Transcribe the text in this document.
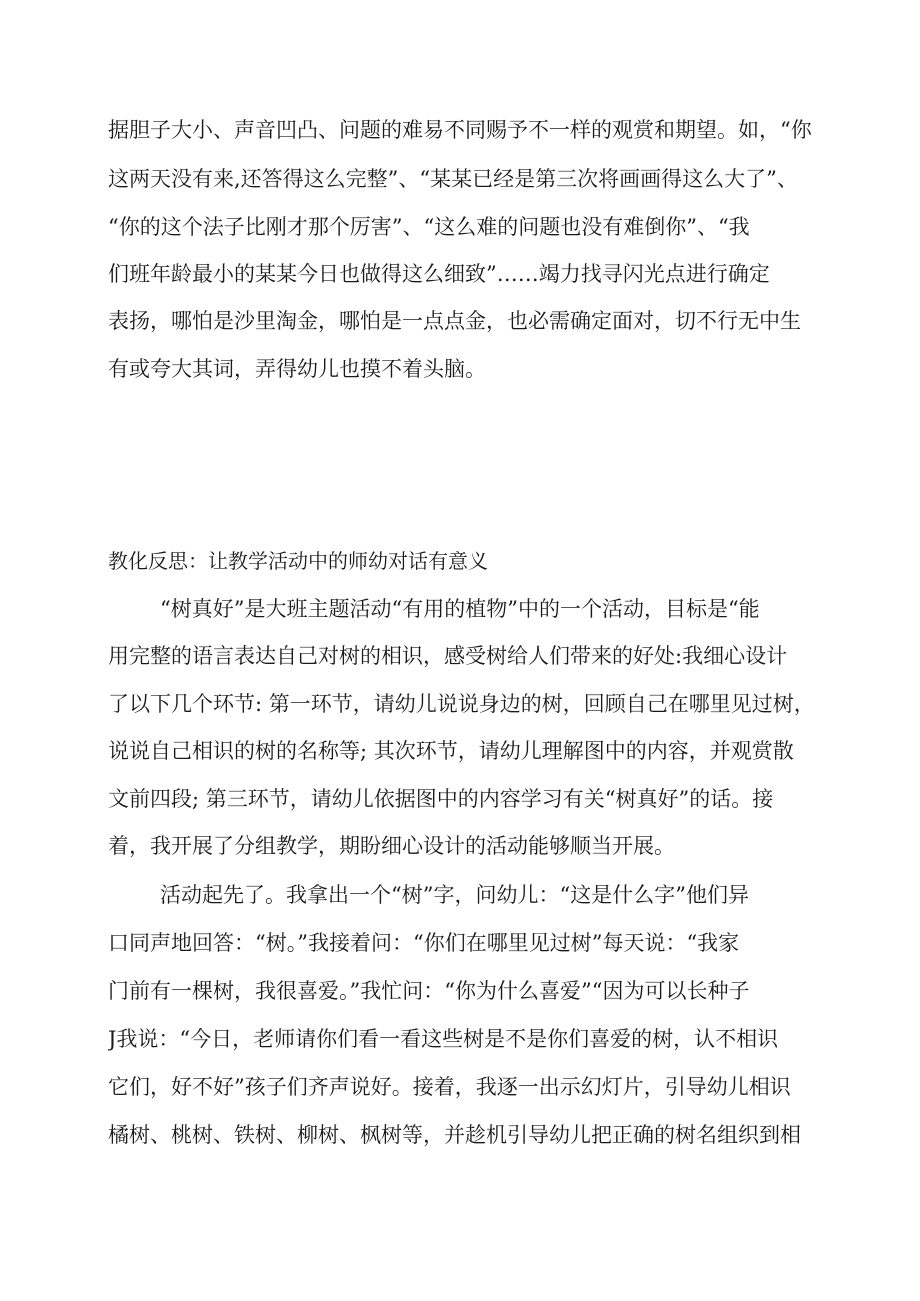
据胆子大小、声音凹凸、问题的难易不同赐予不一样的观赏和期望。如，“你
这两天没有来,还答得这么完整”、“某某已经是第三次将画画得这么大了”、
“你的这个法子比刚才那个厉害”、“这么难的问题也没有难倒你”、“我
们班年龄最小的某某今日也做得这么细致”……竭力找寻闪光点进行确定
表扬，哪怕是沙里淘金，哪怕是一点点金，也必需确定面对，切不行无中生
有或夸大其词，弄得幼儿也摸不着头脑。
教化反思：让教学活动中的师幼对话有意义
“树真好”是大班主题活动“有用的植物”中的一个活动，目标是“能
用完整的语言表达自己对树的相识，感受树给人们带来的好处:我细心设计
了以下几个环节: 第一环节，请幼儿说说身边的树，回顾自己在哪里见过树，
说说自己相识的树的名称等; 其次环节，请幼儿理解图中的内容，并观赏散
文前四段; 第三环节，请幼儿依据图中的内容学习有关“树真好”的话。接
着，我开展了分组教学，期盼细心设计的活动能够顺当开展。
活动起先了。我拿出一个“树”字，问幼儿：“这是什么字”他们异
口同声地回答：“树。”我接着问：“你们在哪里见过树”每天说：“我家
门前有一棵树，我很喜爱。”我忙问：“你为什么喜爱”“因为可以长种子
J我说：“今日，老师请你们看一看这些树是不是你们喜爱的树，认不相识
它们，好不好”孩子们齐声说好。接着，我逐一出示幻灯片，引导幼儿相识
橘树、桃树、铁树、柳树、枫树等，并趁机引导幼儿把正确的树名组织到相
